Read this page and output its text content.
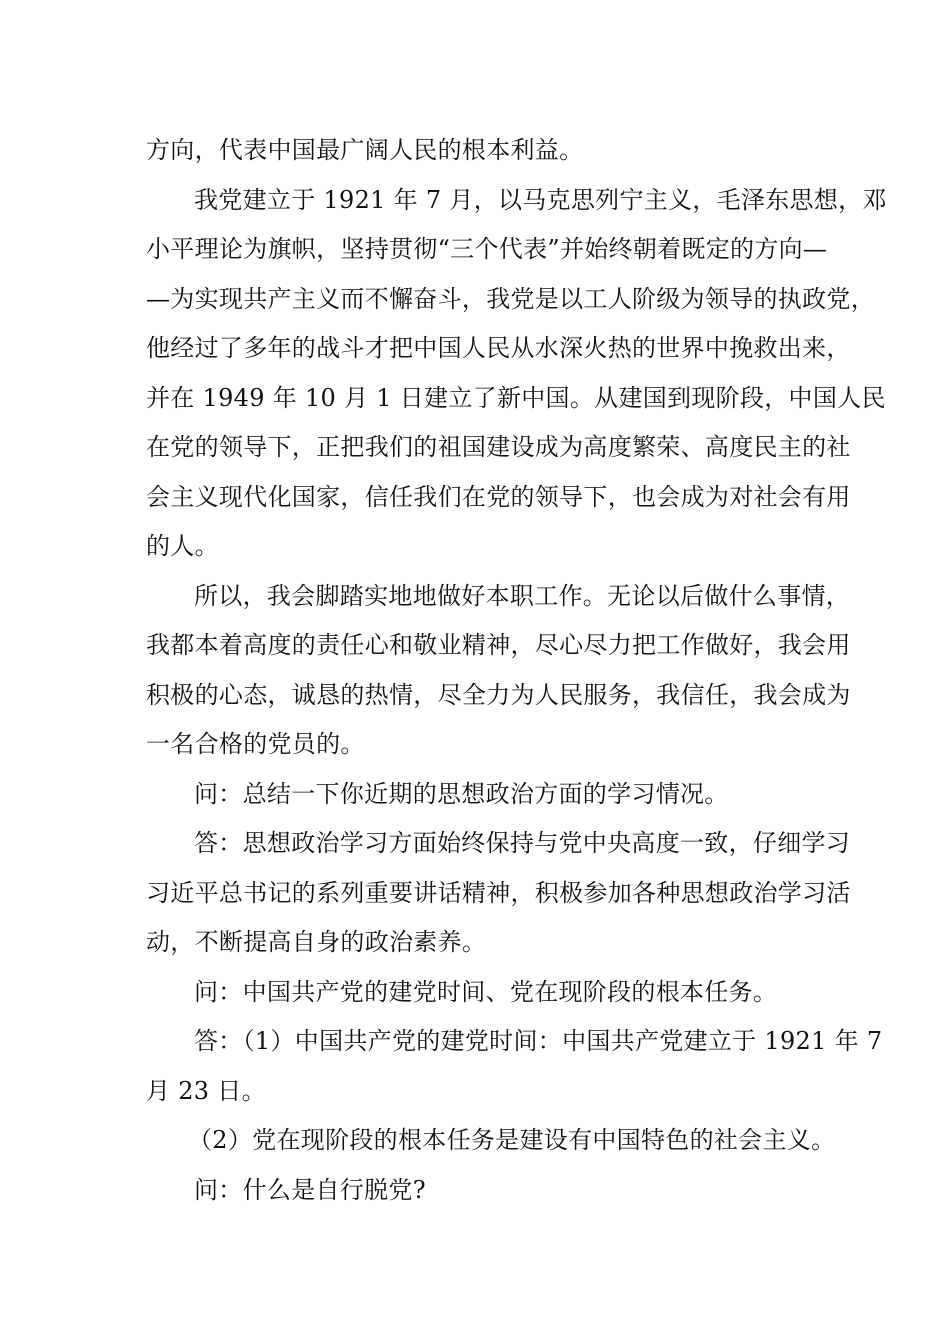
方向，代表中国最广阔人民的根本利益。
我党建立于 1921 年 7 月，以马克思列宁主义，毛泽东思想，邓
小平理论为旗帜，坚持贯彻“三个代表”并始终朝着既定的方向—
—为实现共产主义而不懈奋斗，我党是以工人阶级为领导的执政党，
他经过了多年的战斗才把中国人民从水深火热的世界中挽救出来，
并在 1949 年 10 月 1 日建立了新中国。从建国到现阶段，中国人民
在党的领导下，正把我们的祖国建设成为高度繁荣、高度民主的社
会主义现代化国家，信任我们在党的领导下，也会成为对社会有用
的人。
所以，我会脚踏实地地做好本职工作。无论以后做什么事情，
我都本着高度的责任心和敬业精神，尽心尽力把工作做好，我会用
积极的心态，诚恳的热情，尽全力为人民服务，我信任，我会成为
一名合格的党员的。
问：总结一下你近期的思想政治方面的学习情况。
答：思想政治学习方面始终保持与党中央高度一致，仔细学习
习近平总书记的系列重要讲话精神，积极参加各种思想政治学习活
动，不断提高自身的政治素养。
问：中国共产党的建党时间、党在现阶段的根本任务。
答：（1）中国共产党的建党时间：中国共产党建立于 1921 年 7
月 23 日。
（2）党在现阶段的根本任务是建设有中国特色的社会主义。
问：什么是自行脱党?
